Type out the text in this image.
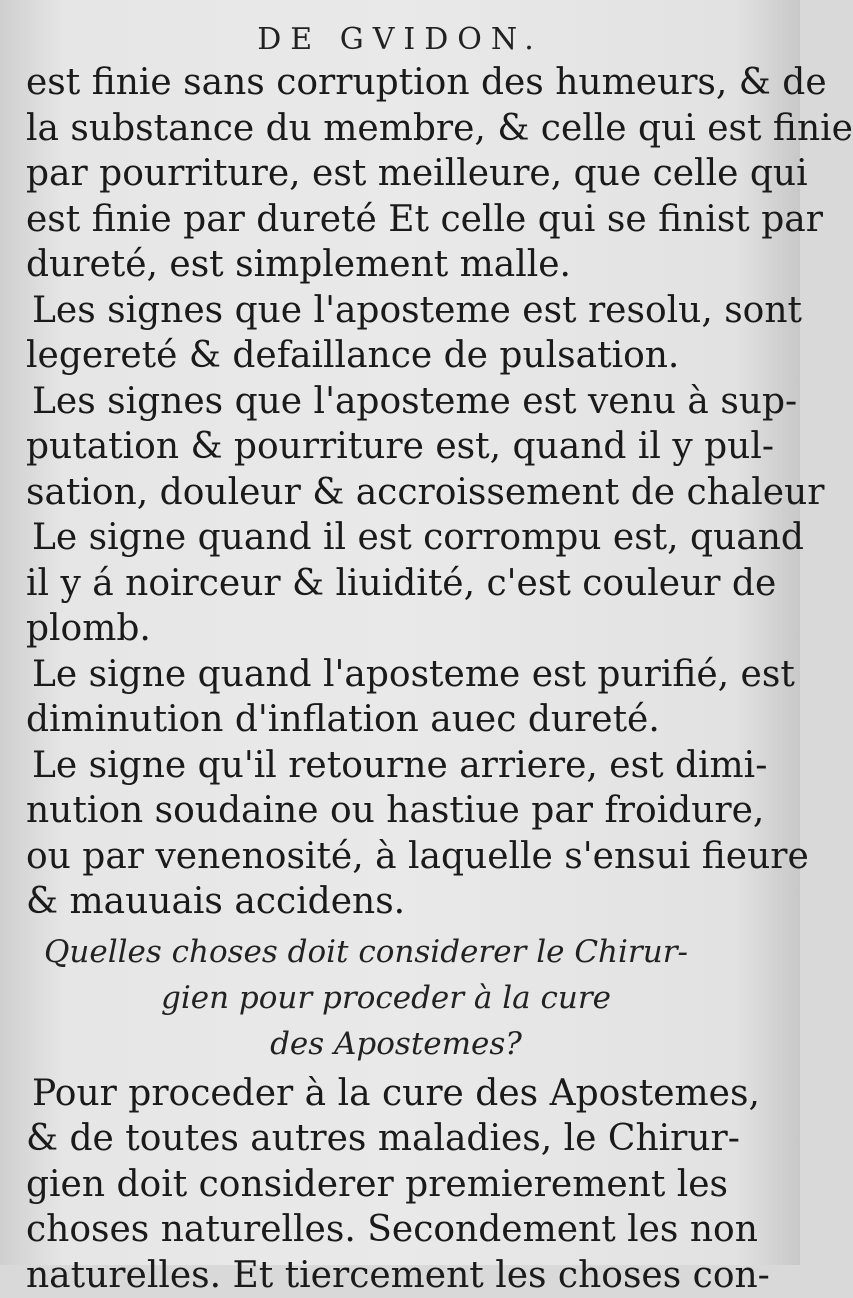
DE GVIDON.

est finie sans corruption des humeurs, & de

la substance du membre, & celle qui est finie

par pourriture, est meilleure, que celle qui

est finie par dureté Et celle qui se finist par

dureté, est simplement malle.

Les signes que l'aposteme est resolu, sont

legereté & defaillance de pulsation.

Les signes que l'aposteme est venu à sup-

putation & pourriture est, quand il y pul-

sation, douleur & accroissement de chaleur

Le signe quand il est corrompu est, quand

il y á noirceur & liuidité, c'est couleur de

plomb.

Le signe quand l'aposteme est purifié, est

diminution d'inflation auec dureté.

Le signe qu'il retourne arriere, est dimi-

nution soudaine ou hastiue par froidure,

ou par venenosité, à laquelle s'ensui fieure

& mauuais accidens.

Quelles choses doit considerer le Chirur-

gien pour proceder à la cure

des Apostemes?

Pour proceder à la cure des Apostemes,

& de toutes autres maladies, le Chirur-

gien doit considerer premierement les

choses naturelles. Secondement les non

naturelles. Et tiercement les choses con-
